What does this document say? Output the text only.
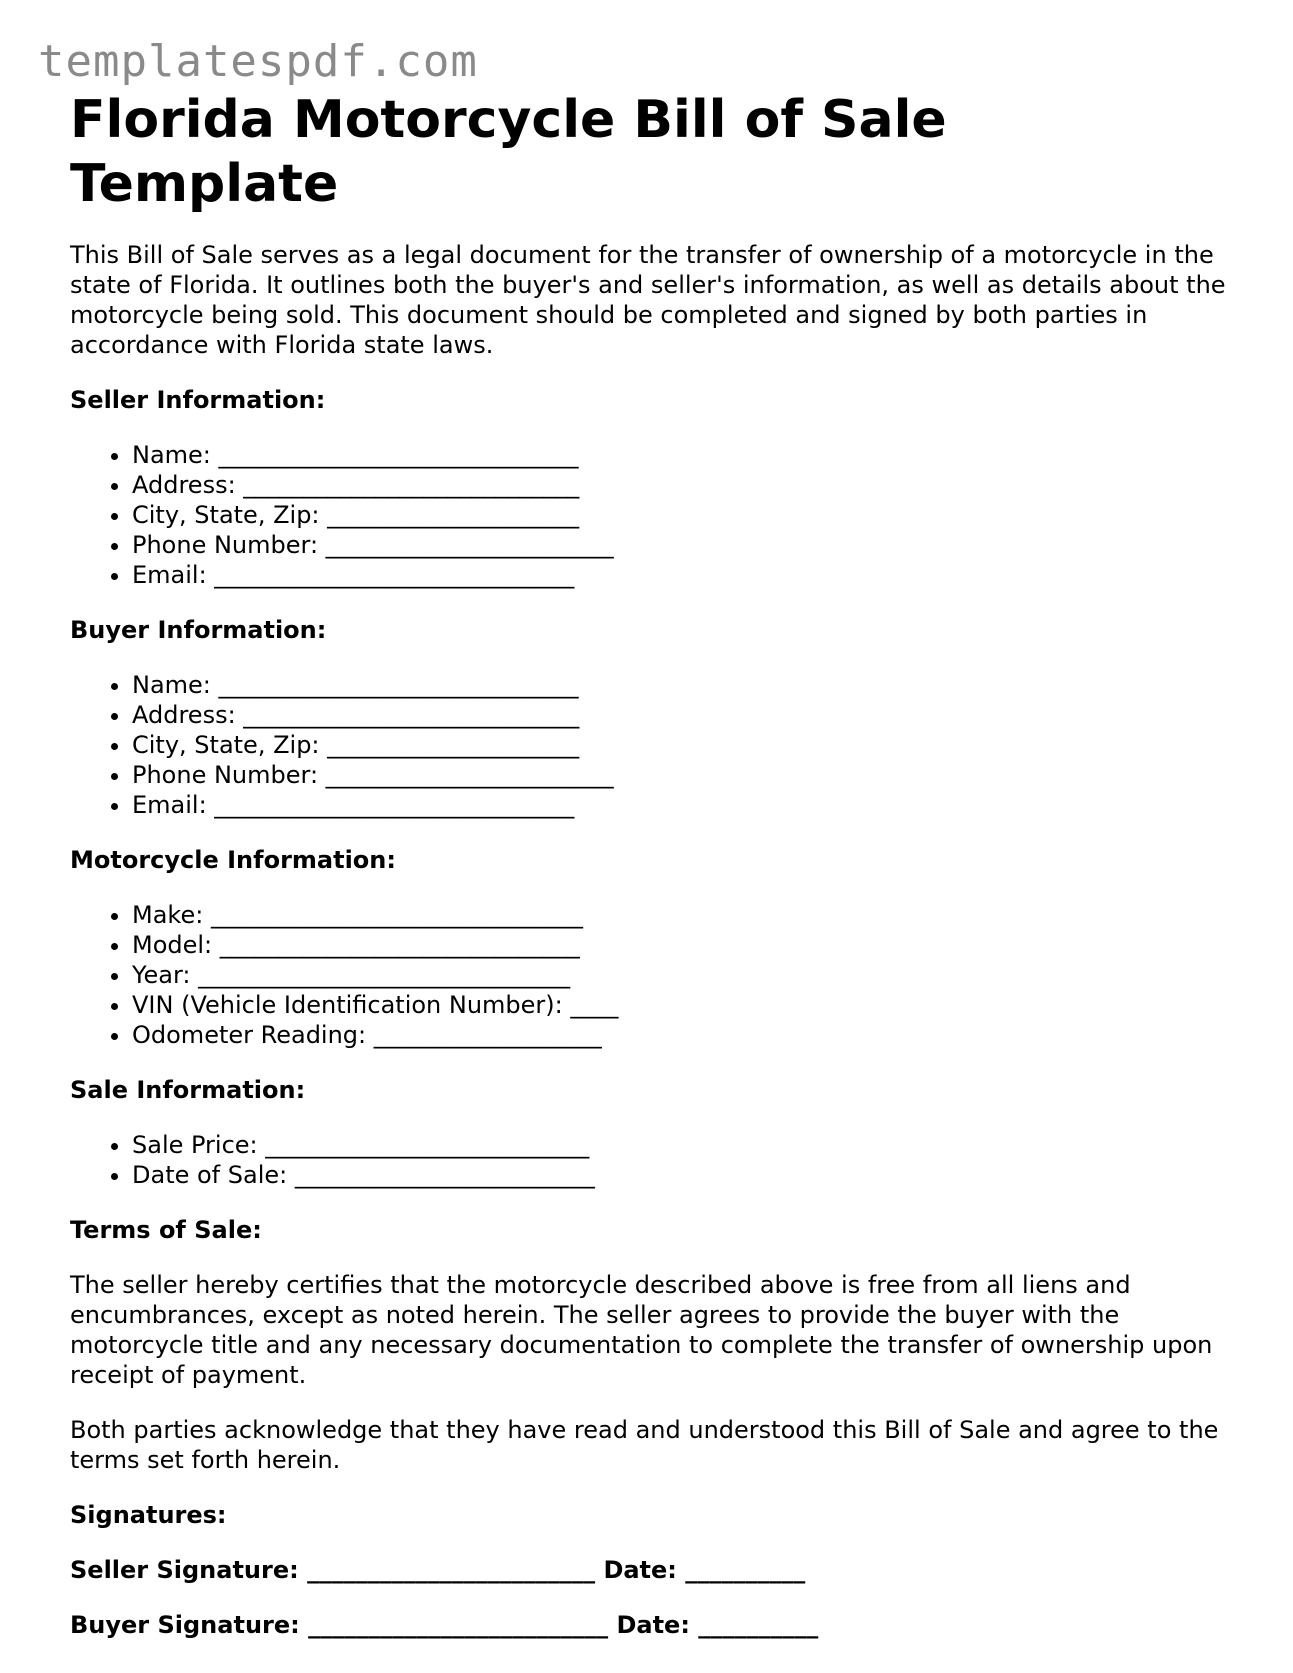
templatespdf.com
Florida Motorcycle Bill of Sale Template

This Bill of Sale serves as a legal document for the transfer of ownership of a motorcycle in the state of Florida. It outlines both the buyer's and seller's information, as well as details about the motorcycle being sold. This document should be completed and signed by both parties in accordance with Florida state laws.

Seller Information:
• Name: ______________________________
• Address: ____________________________
• City, State, Zip: _____________________
• Phone Number: ________________________
• Email: ______________________________
Buyer Information:
• Name: ______________________________
• Address: ____________________________
• City, State, Zip: _____________________
• Phone Number: ________________________
• Email: ______________________________
Motorcycle Information:
• Make: _______________________________
• Model: ______________________________
• Year: _______________________________
• VIN (Vehicle Identification Number): ____
• Odometer Reading: ___________________
Sale Information:
• Sale Price: ___________________________
• Date of Sale: _________________________
Terms of Sale:

The seller hereby certifies that the motorcycle described above is free from all liens and encumbrances, except as noted herein. The seller agrees to provide the buyer with the motorcycle title and any necessary documentation to complete the transfer of ownership upon receipt of payment.

Both parties acknowledge that they have read and understood this Bill of Sale and agree to the terms set forth herein.

Signatures:
Seller Signature: ________________________ Date: __________
Buyer Signature: _________________________ Date: __________
